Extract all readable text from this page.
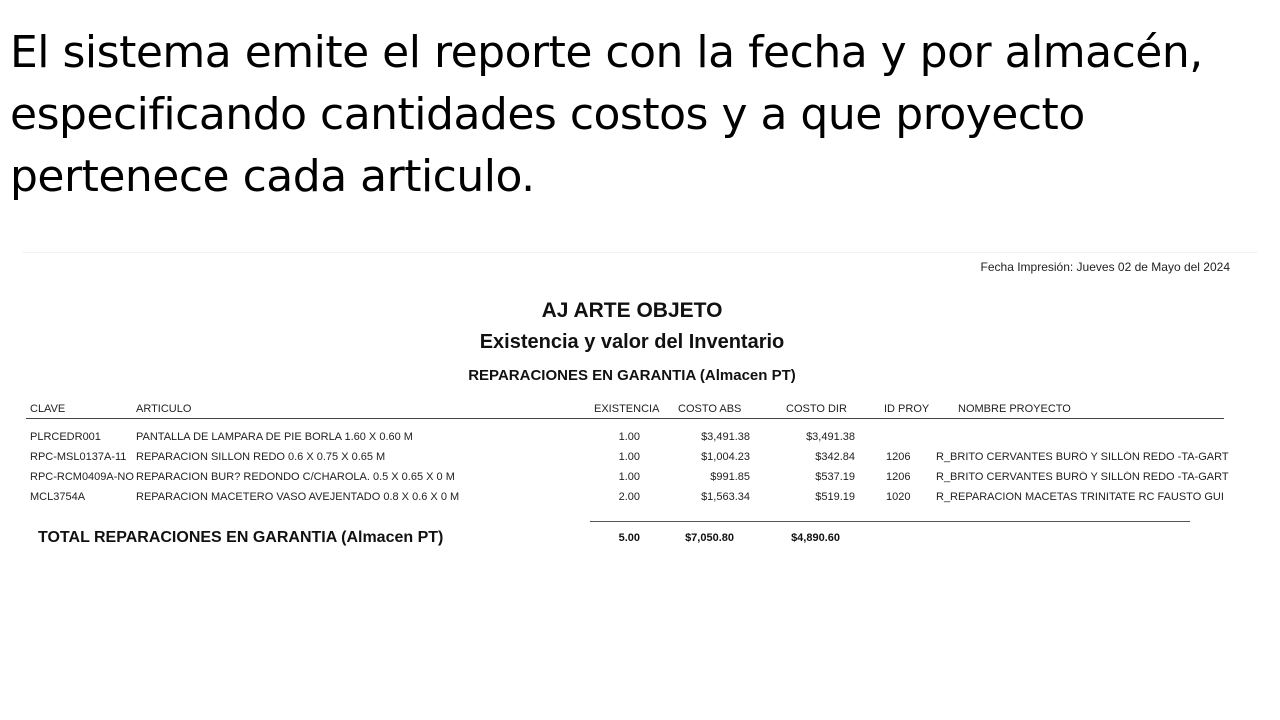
El sistema emite el reporte con la fecha y por almacén, especificando cantidades costos y a que proyecto pertenece cada articulo.
Fecha Impresión: Jueves 02 de Mayo del 2024
AJ ARTE OBJETO
Existencia y valor del Inventario
REPARACIONES EN GARANTIA (Almacen PT)
CLAVE	ARTICULO	EXISTENCIA COSTO ABS	COSTO DIR	ID PROY	NOMBRE PROYECTO
PLRCEDR001	PANTALLA DE LAMPARA DE PIE BORLA 1.60 X 0.60 M	1.00	$3,491.38	$3,491.38
RPC-MSL0137A-11 REPARACION SILLON REDO 0.6 X 0.75 X 0.65 M	1.00	$1,004.23	$342.84	1206	R_BRITO CERVANTES BURÓ Y SILLÓN REDO -TA-GART
RPC-RCM0409A-NO REPARACION BUR? REDONDO C/CHAROLA. 0.5 X 0.65 X 0 M	1.00	$991.85	$537.19	1206	R_BRITO CERVANTES BURÓ Y SILLÓN REDO -TA-GART
MCL3754A	REPARACION MACETERO VASO AVEJENTADO 0.8 X 0.6 X 0 M	2.00	$1,563.34	$519.19	1020	R_REPARACION MACETAS TRINITATE RC FAUSTO GUI
TOTAL REPARACIONES EN GARANTIA (Almacen PT)	5.00	$7,050.80	$4,890.60
